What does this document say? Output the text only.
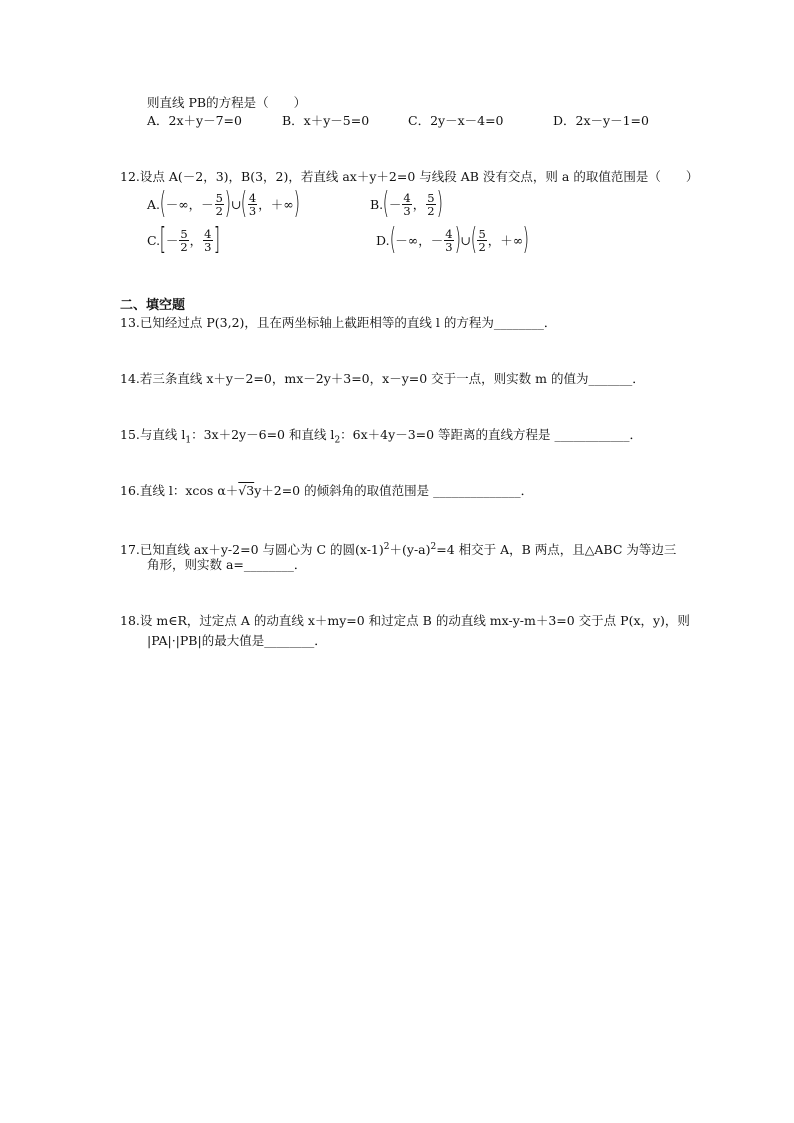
则直线 PB的方程是（　　）
A．2x＋y－7=0	B．x＋y－5=0	C．2y－x－4=0	D．2x－y－1=0
12.设点 A(－2，3)，B(3，2)，若直线 ax＋y＋2=0 与线段 AB 没有交点，则 a 的取值范围是（　　）
A. ( －∞，－ $\frac{5}{2}$ ) ∪ ( $\frac{4}{3}$ ，＋∞ )	B. ( － $\frac{4}{3}$ ， $\frac{5}{2}$ )
C. [ － $\frac{5}{2}$ ， $\frac{4}{3}$ ]	D. ( －∞，－ $\frac{4}{3}$ ) ∪ ( $\frac{5}{2}$ ，＋∞ )
二、填空题
13.已知经过点 P(3,2)，且在两坐标轴上截距相等的直线 l 的方程为________．
14.若三条直线 x＋y－2=0，mx－2y＋3=0，x－y=0 交于一点，则实数 m 的值为_______．
15.与直线 $l_1$：3x＋2y－6=0 和直线 $l_2$：6x＋4y－3=0 等距离的直线方程是 ____________．
16.直线 l：xcos α＋√3y＋2=0 的倾斜角的取值范围是 ______________．
17.已知直线 ax＋y-2=0 与圆心为 C 的圆$(x-1)^2+(y-a)^2=4$ 相交于 A，B 两点，且△ABC 为等边三
角形，则实数 a=________．
18.设 m∈R，过定点 A 的动直线 x＋my=0 和过定点 B 的动直线 mx-y-m＋3=0 交于点 P(x，y)，则
|PA|·|PB|的最大值是________．
